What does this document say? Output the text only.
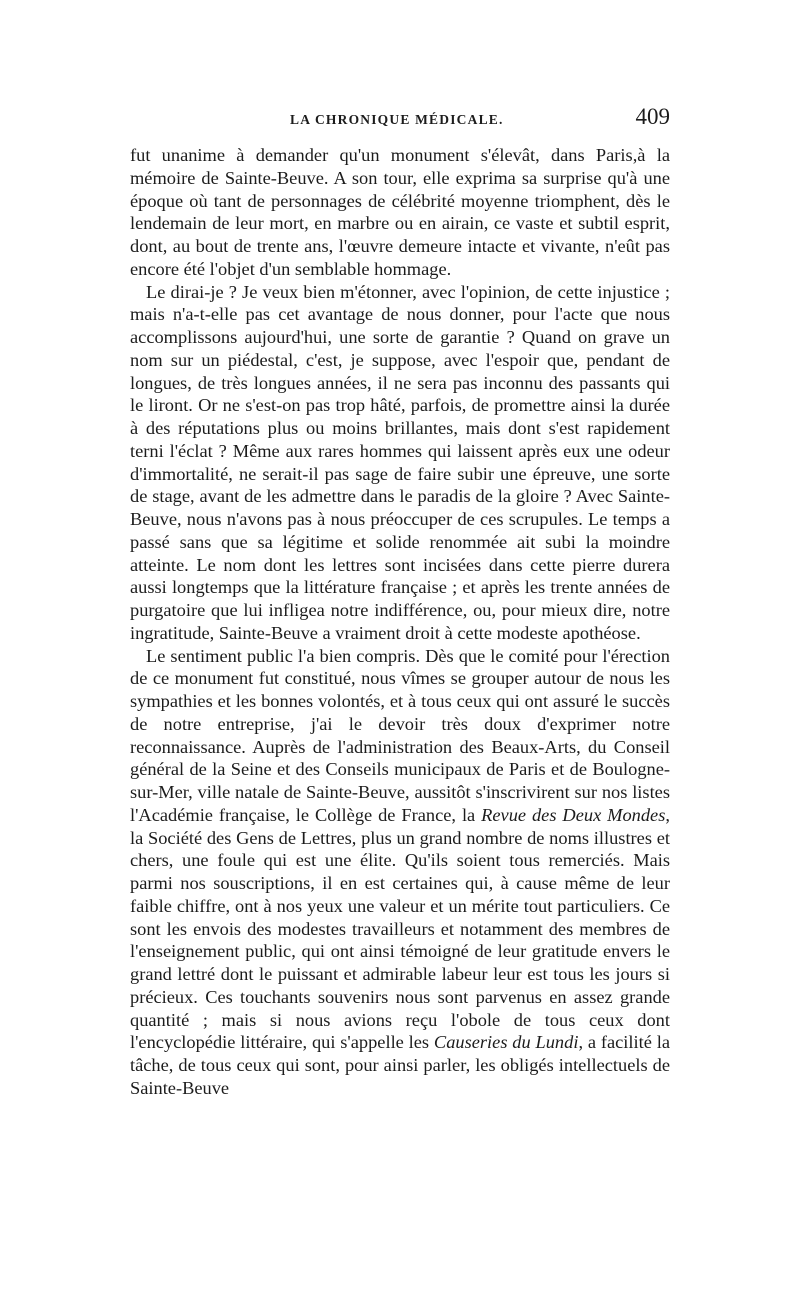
LA CHRONIQUE MÉDICALE.	409

fut unanime à demander qu'un monument s'élevât, dans Paris,à la mémoire de Sainte-Beuve. A son tour, elle exprima sa surprise qu'à une époque où tant de personnages de célébrité moyenne triomphent, dès le lendemain de leur mort, en marbre ou en airain, ce vaste et subtil esprit, dont, au bout de trente ans, l'œuvre demeure intacte et vivante, n'eût pas encore été l'objet d'un semblable hommage.

Le dirai-je ? Je veux bien m'étonner, avec l'opinion, de cette injustice ; mais n'a-t-elle pas cet avantage de nous donner, pour l'acte que nous accomplissons aujourd'hui, une sorte de garantie ? Quand on grave un nom sur un piédestal, c'est, je suppose, avec l'espoir que, pendant de longues, de très longues années, il ne sera pas inconnu des passants qui le liront. Or ne s'est-on pas trop hâté, parfois, de promettre ainsi la durée à des réputations plus ou moins brillantes, mais dont s'est rapidement terni l'éclat ? Même aux rares hommes qui laissent après eux une odeur d'immortalité, ne serait-il pas sage de faire subir une épreuve, une sorte de stage, avant de les admettre dans le paradis de la gloire ? Avec Sainte-Beuve, nous n'avons pas à nous préoccuper de ces scrupules. Le temps a passé sans que sa légitime et solide renommée ait subi la moindre atteinte. Le nom dont les lettres sont incisées dans cette pierre durera aussi longtemps que la littérature française ; et après les trente années de purgatoire que lui infligea notre indifférence, ou, pour mieux dire, notre ingratitude, Sainte-Beuve a vraiment droit à cette modeste apothéose.

Le sentiment public l'a bien compris. Dès que le comité pour l'érection de ce monument fut constitué, nous vîmes se grouper autour de nous les sympathies et les bonnes volontés, et à tous ceux qui ont assuré le succès de notre entreprise, j'ai le devoir très doux d'exprimer notre reconnaissance. Auprès de l'administration des Beaux-Arts, du Conseil général de la Seine et des Conseils municipaux de Paris et de Boulogne-sur-Mer, ville natale de Sainte-Beuve, aussitôt s'inscrivirent sur nos listes l'Académie française, le Collège de France, la Revue des Deux Mondes, la Société des Gens de Lettres, plus un grand nombre de noms illustres et chers, une foule qui est une élite. Qu'ils soient tous remerciés. Mais parmi nos souscriptions, il en est certaines qui, à cause même de leur faible chiffre, ont à nos yeux une valeur et un mérite tout particuliers. Ce sont les envois des modestes travailleurs et notamment des membres de l'enseignement public, qui ont ainsi témoigné de leur gratitude envers le grand lettré dont le puissant et admirable labeur leur est tous les jours si précieux. Ces touchants souvenirs nous sont parvenus en assez grande quantité ; mais si nous avions reçu l'obole de tous ceux dont l'encyclopédie littéraire, qui s'appelle les Causeries du Lundi, a facilité la tâche, de tous ceux qui sont, pour ainsi parler, les obligés intellectuels de Sainte-Beuve
